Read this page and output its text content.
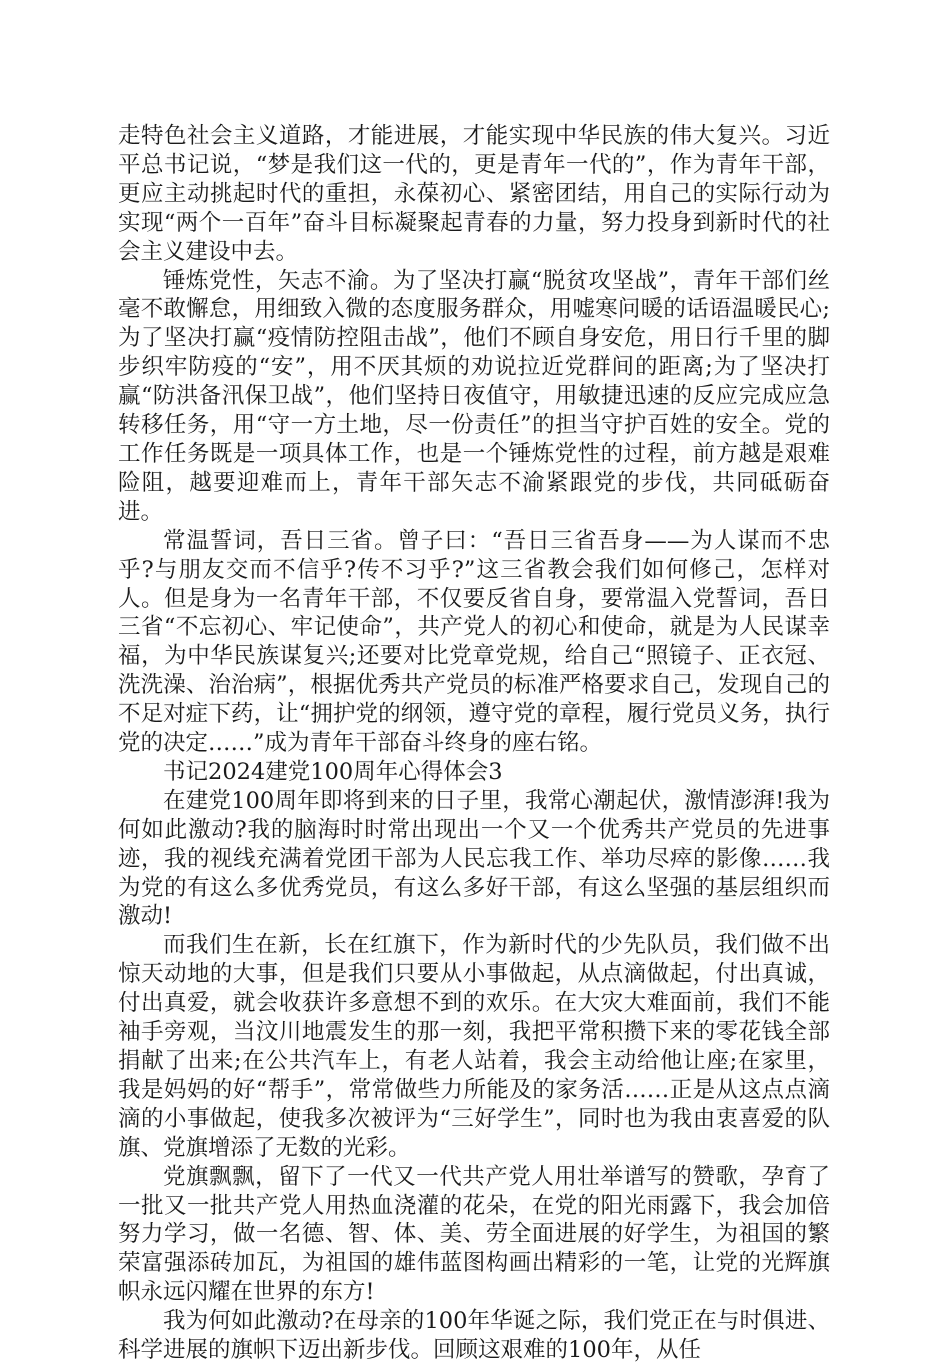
走特色社会主义道路，才能进展，才能实现中华民族的伟大复兴。习近平总书记说，“梦是我们这一代的，更是青年一代的”，作为青年干部，更应主动挑起时代的重担，永葆初心、紧密团结，用自己的实际行动为实现“两个一百年”奋斗目标凝聚起青春的力量，努力投身到新时代的社会主义建设中去。

锤炼党性，矢志不渝。为了坚决打赢“脱贫攻坚战”，青年干部们丝毫不敢懈怠，用细致入微的态度服务群众，用嘘寒问暖的话语温暖民心;为了坚决打赢“疫情防控阻击战”，他们不顾自身安危，用日行千里的脚步织牢防疫的“安”，用不厌其烦的劝说拉近党群间的距离;为了坚决打赢“防洪备汛保卫战”，他们坚持日夜值守，用敏捷迅速的反应完成应急转移任务，用“守一方土地，尽一份责任”的担当守护百姓的安全。党的工作任务既是一项具体工作，也是一个锤炼党性的过程，前方越是艰难险阻，越要迎难而上，青年干部矢志不渝紧跟党的步伐，共同砥砺奋进。

常温誓词，吾日三省。曾子曰：“吾日三省吾身——为人谋而不忠乎?与朋友交而不信乎?传不习乎?”这三省教会我们如何修己，怎样对人。但是身为一名青年干部，不仅要反省自身，要常温入党誓词，吾日三省“不忘初心、牢记使命”，共产党人的初心和使命，就是为人民谋幸福，为中华民族谋复兴;还要对比党章党规，给自己“照镜子、正衣冠、洗洗澡、治治病”，根据优秀共产党员的标准严格要求自己，发现自己的不足对症下药，让“拥护党的纲领，遵守党的章程，履行党员义务，执行党的决定……”成为青年干部奋斗终身的座右铭。

书记2024建党100周年心得体会3

在建党100周年即将到来的日子里，我常心潮起伏，激情澎湃!我为何如此激动?我的脑海时时常出现出一个又一个优秀共产党员的先进事迹，我的视线充满着党团干部为人民忘我工作、举功尽瘁的影像……我为党的有这么多优秀党员，有这么多好干部，有这么坚强的基层组织而激动!

而我们生在新，长在红旗下，作为新时代的少先队员，我们做不出惊天动地的大事，但是我们只要从小事做起，从点滴做起，付出真诚，付出真爱，就会收获许多意想不到的欢乐。在大灾大难面前，我们不能袖手旁观，当汶川地震发生的那一刻，我把平常积攒下来的零花钱全部捐献了出来;在公共汽车上，有老人站着，我会主动给他让座;在家里，我是妈妈的好“帮手”，常常做些力所能及的家务活……正是从这点点滴滴的小事做起，使我多次被评为“三好学生”，同时也为我由衷喜爱的队旗、党旗增添了无数的光彩。

党旗飘飘，留下了一代又一代共产党人用壮举谱写的赞歌，孕育了一批又一批共产党人用热血浇灌的花朵，在党的阳光雨露下，我会加倍努力学习，做一名德、智、体、美、劳全面进展的好学生，为祖国的繁荣富强添砖加瓦，为祖国的雄伟蓝图构画出精彩的一笔，让党的光辉旗帜永远闪耀在世界的东方!

我为何如此激动?在母亲的100年华诞之际，我们党正在与时俱进、科学进展的旗帜下迈出新步伐。回顾这艰难的100年，从任
